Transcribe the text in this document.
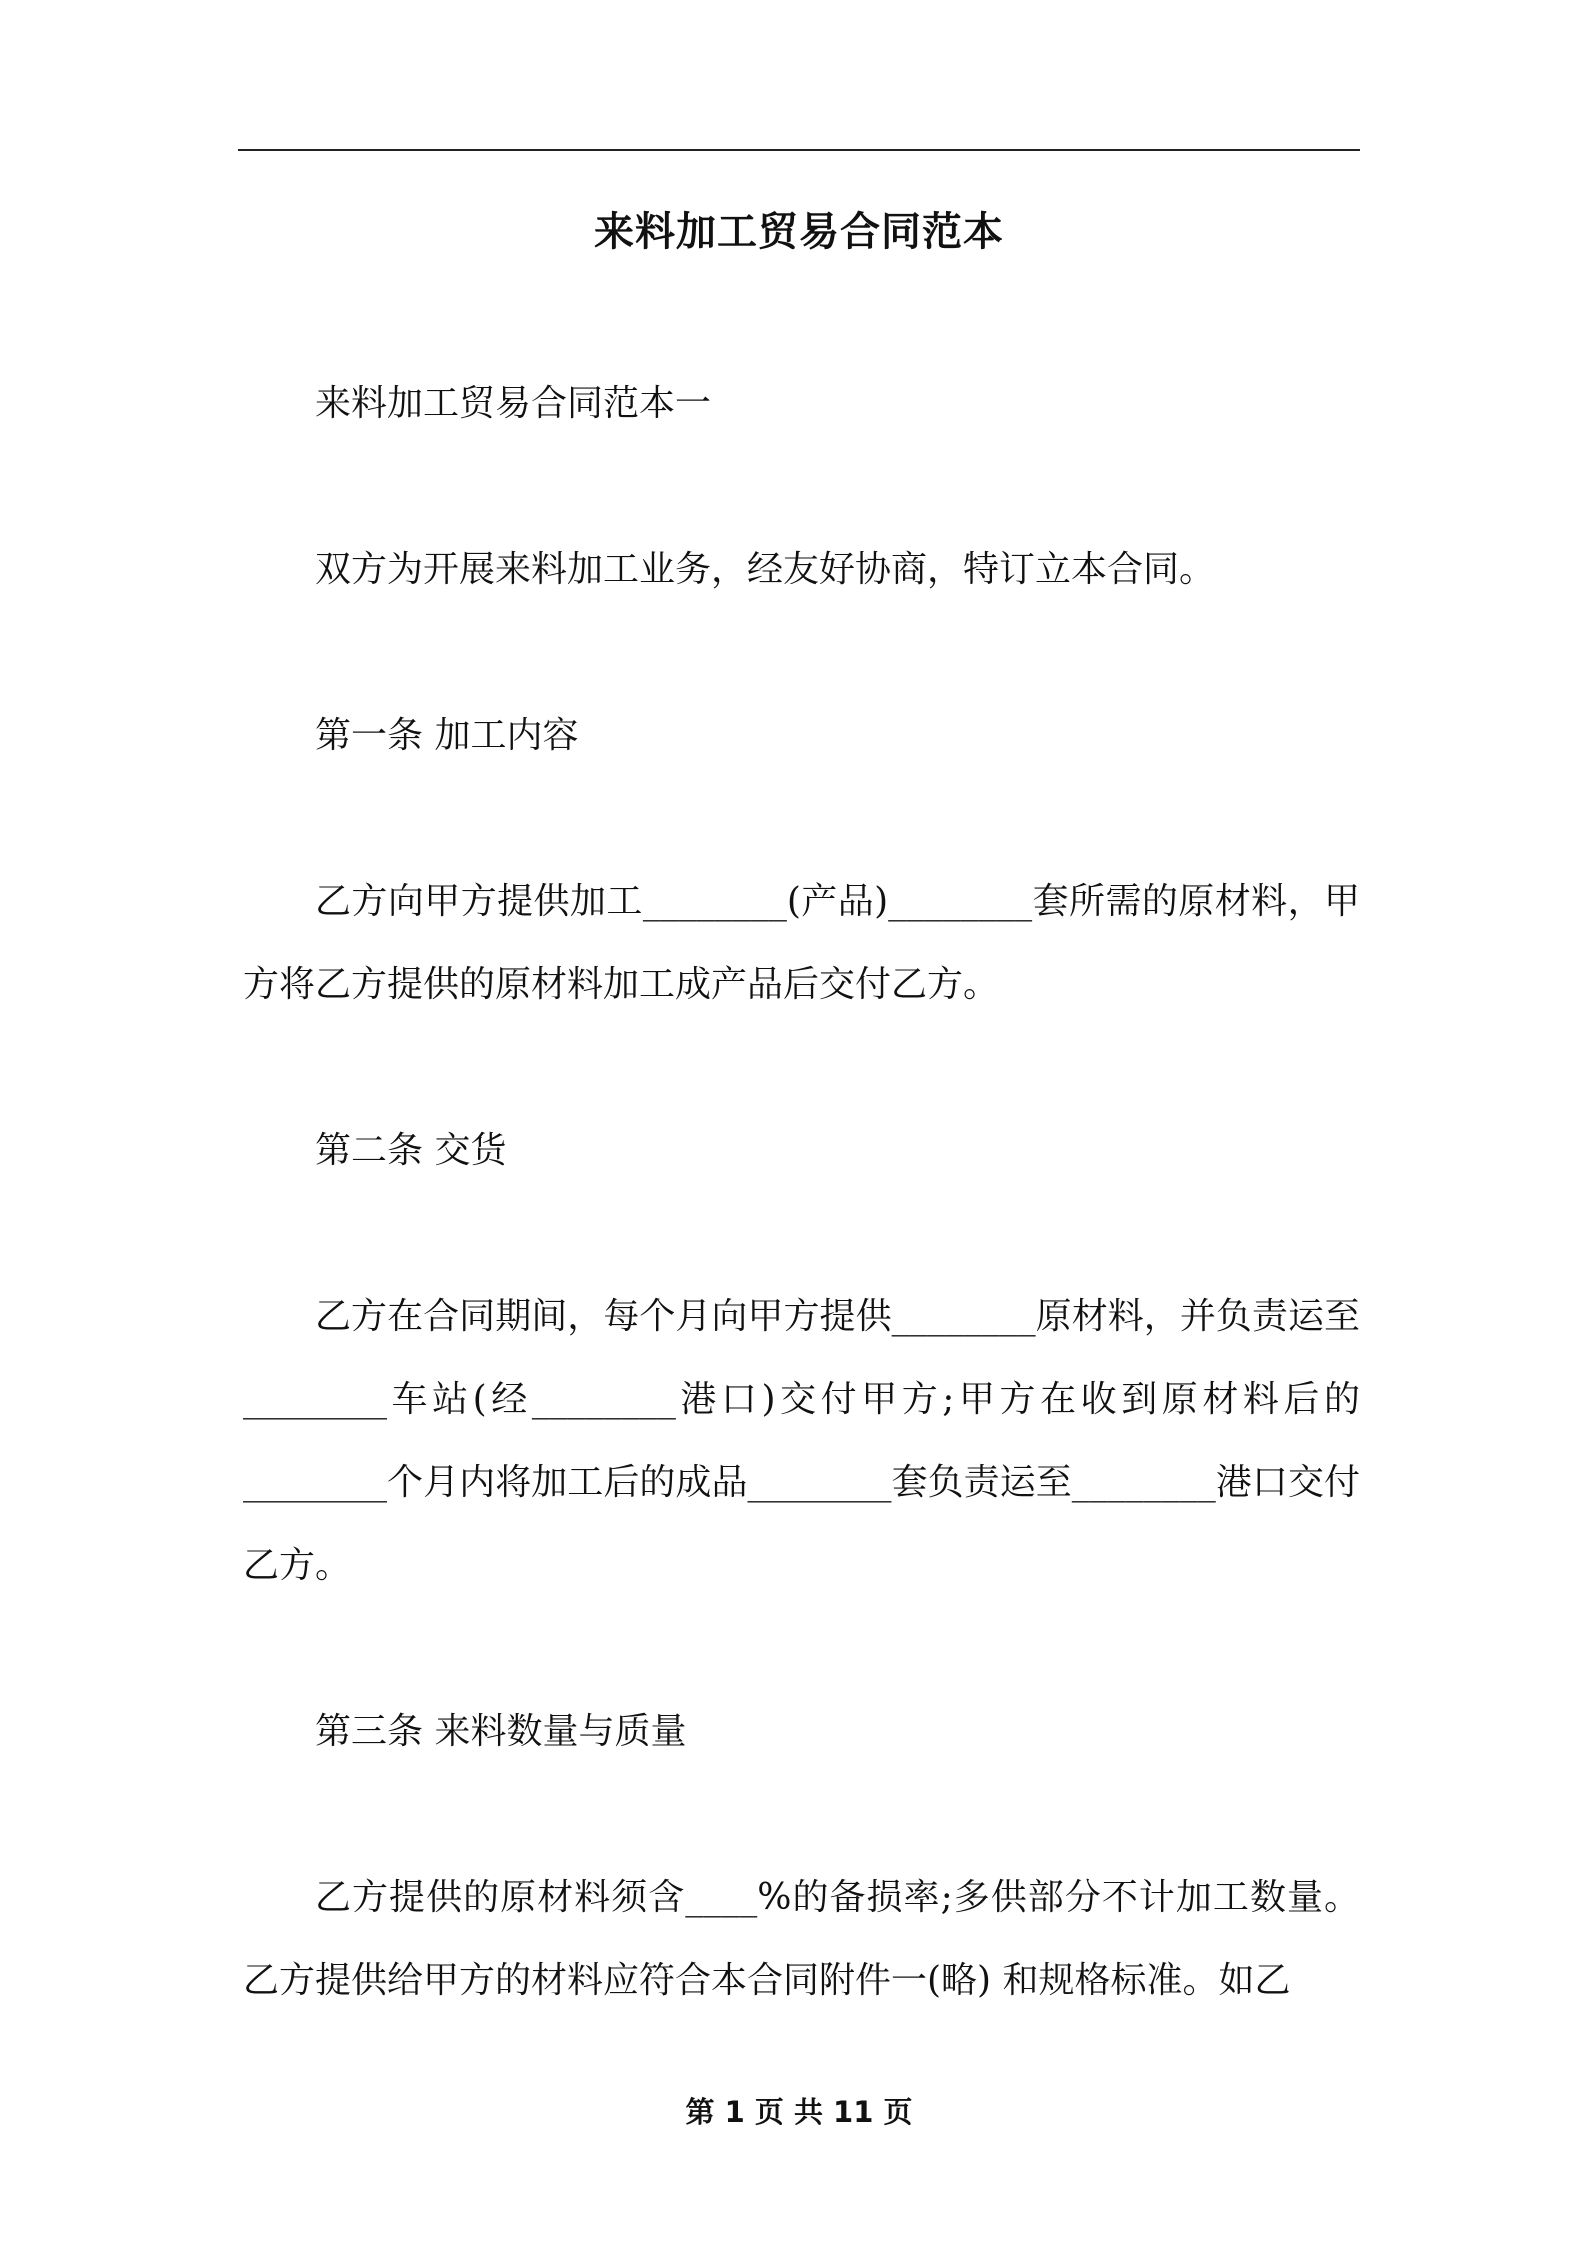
来料加工贸易合同范本

来料加工贸易合同范本一

双方为开展来料加工业务，经友好协商，特订立本合同。

第一条 加工内容

乙方向甲方提供加工________(产品)________套所需的原材料，甲方将乙方提供的原材料加工成产品后交付乙方。

第二条 交货

乙方在合同期间，每个月向甲方提供________原材料，并负责运至________车站(经________港口)交付甲方;甲方在收到原材料后的________个月内将加工后的成品________套负责运至________港口交付乙方。

第三条 来料数量与质量

乙方提供的原材料须含____%的备损率;多供部分不计加工数量。乙方提供给甲方的材料应符合本合同附件一(略) 和规格标准。如乙

第 1 页 共 11 页
